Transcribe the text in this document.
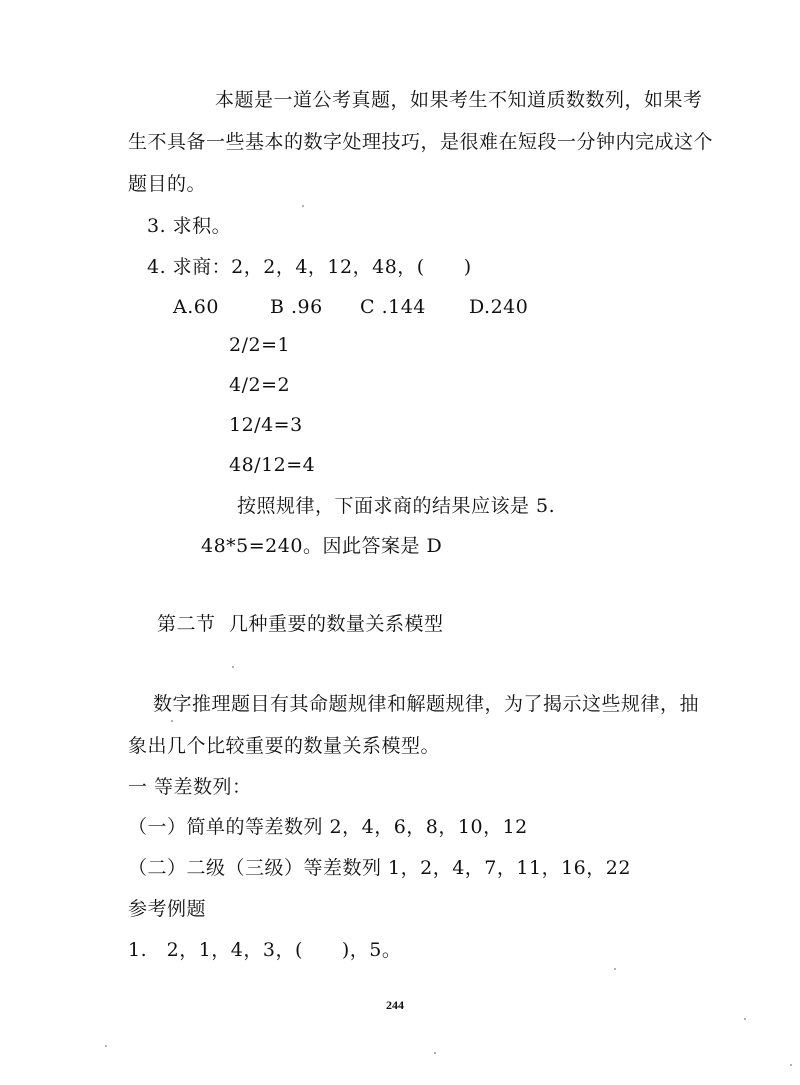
本题是一道公考真题，如果考生不知道质数数列，如果考
生不具备一些基本的数字处理技巧，是很难在短段一分钟内完成这个
题目的。
3. 求积。
4. 求商：2，2，4，12，48，(　　)
A.60	B .96 C .144 D.240
2/2=1
4/2=2
12/4=3
48/12=4
按照规律，下面求商的结果应该是 5.
48*5=240。因此答案是 D
第二节 几种重要的数量关系模型
数字推理题目有其命题规律和解题规律，为了揭示这些规律，抽
象出几个比较重要的数量关系模型。
一 等差数列：
（一）简单的等差数列 2，4，6，8，10，12
（二）二级（三级）等差数列 1，2，4，7，11，16，22
参考例题
1.　2，1，4，3，(　　)，5。
244
